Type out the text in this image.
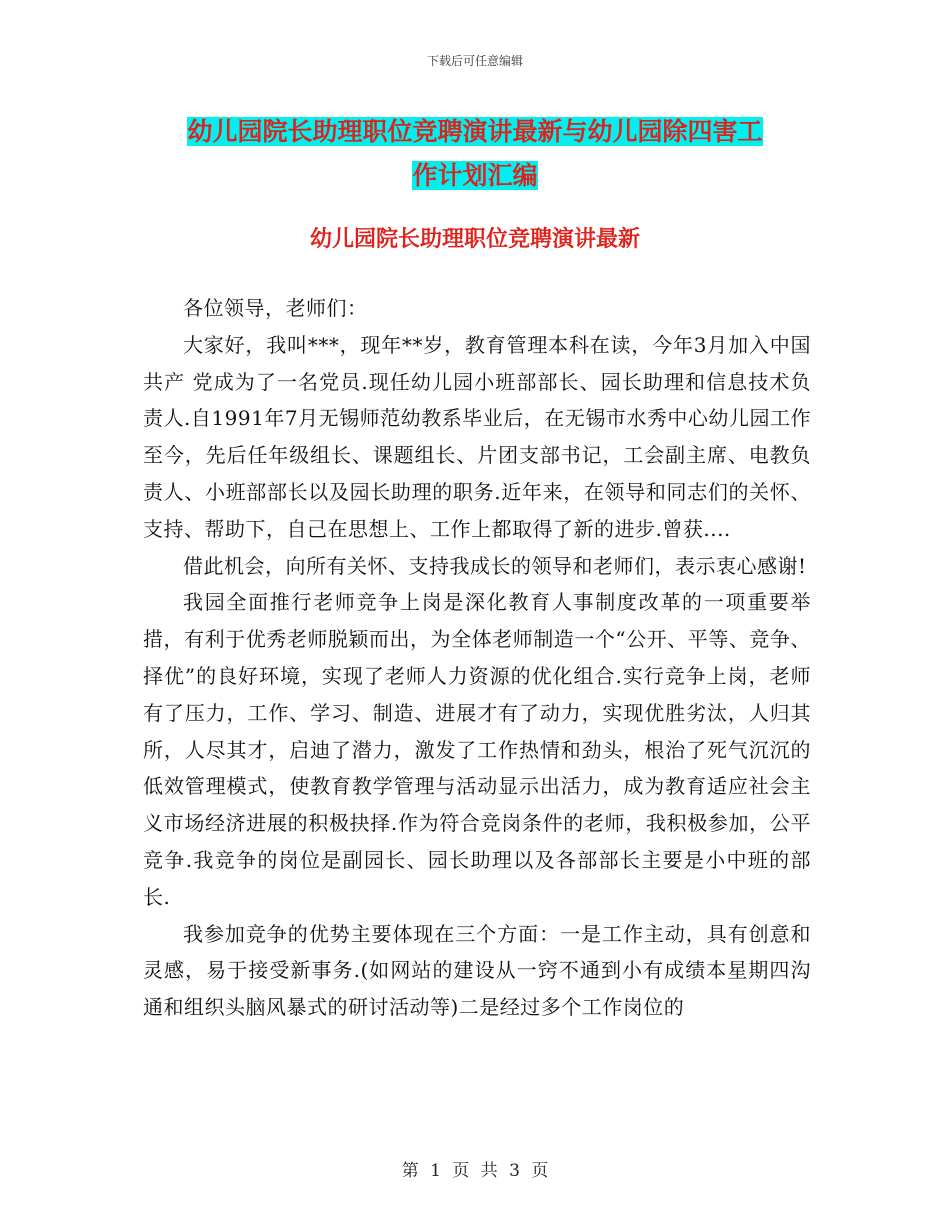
下载后可任意编辑
幼儿园院长助理职位竞聘演讲最新与幼儿园除四害工
作计划汇编
幼儿园院长助理职位竞聘演讲最新

各位领导，老师们：

大家好，我叫***，现年**岁，教育管理本科在读，今年3月加入中国共产 党成为了一名党员.现任幼儿园小班部部长、园长助理和信息技术负责人.自1991年7月无锡师范幼教系毕业后，在无锡市水秀中心幼儿园工作至今，先后任年级组长、课题组长、片团支部书记，工会副主席、电教负责人、小班部部长以及园长助理的职务.近年来，在领导和同志们的关怀、支持、帮助下，自己在思想上、工作上都取得了新的进步.曾获....

借此机会，向所有关怀、支持我成长的领导和老师们，表示衷心感谢!

我园全面推行老师竞争上岗是深化教育人事制度改革的一项重要举措，有利于优秀老师脱颖而出，为全体老师制造一个“公开、平等、竞争、择优”的良好环境，实现了老师人力资源的优化组合.实行竞争上岗，老师有了压力，工作、学习、制造、进展才有了动力，实现优胜劣汰，人归其所，人尽其才，启迪了潜力，激发了工作热情和劲头，根治了死气沉沉的低效管理模式，使教育教学管理与活动显示出活力，成为教育适应社会主义市场经济进展的积极抉择.作为符合竞岗条件的老师，我积极参加，公平竞争.我竞争的岗位是副园长、园长助理以及各部部长主要是小中班的部长.

我参加竞争的优势主要体现在三个方面：一是工作主动，具有创意和灵感，易于接受新事务.(如网站的建设从一窍不通到小有成绩本星期四沟通和组织头脑风暴式的研讨活动等)二是经过多个工作岗位的

第 1 页 共 3 页
